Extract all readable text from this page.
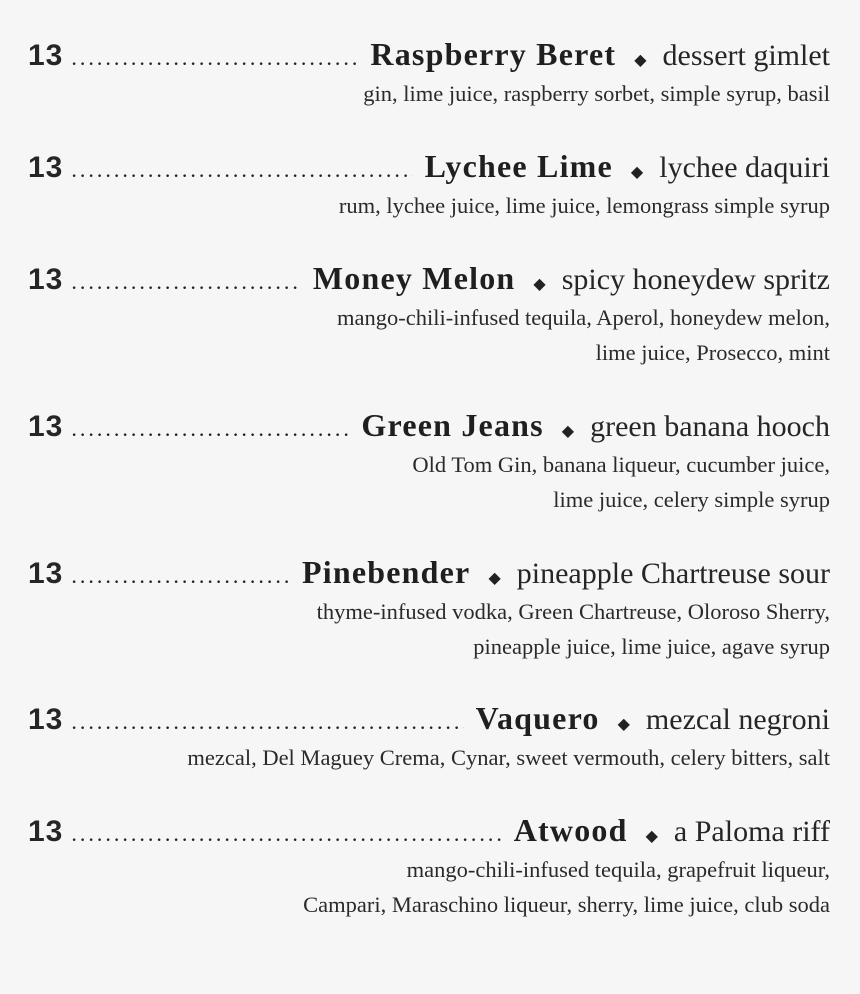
13 .....	Raspberry Beret ◆ dessert gimlet
gin, lime juice, raspberry sorbet, simple syrup, basil
13 .....	Lychee Lime ◆ lychee daquiri
rum, lychee juice, lime juice, lemongrass simple syrup
13 .....	Money Melon ◆ spicy honeydew spritz
mango-chili-infused tequila, Aperol, honeydew melon,
lime juice, Prosecco, mint
13 .....	Green Jeans ◆ green banana hooch
Old Tom Gin, banana liqueur, cucumber juice,
lime juice, celery simple syrup
13 .....	Pinebender ◆ pineapple Chartreuse sour
thyme-infused vodka, Green Chartreuse, Oloroso Sherry,
pineapple juice, lime juice, agave syrup
13 .....	Vaquero ◆ mezcal negroni
mezcal, Del Maguey Crema, Cynar, sweet vermouth, celery bitters, salt
13 .....	Atwood ◆ a Paloma riff
mango-chili-infused tequila, grapefruit liqueur,
Campari, Maraschino liqueur, sherry, lime juice, club soda
